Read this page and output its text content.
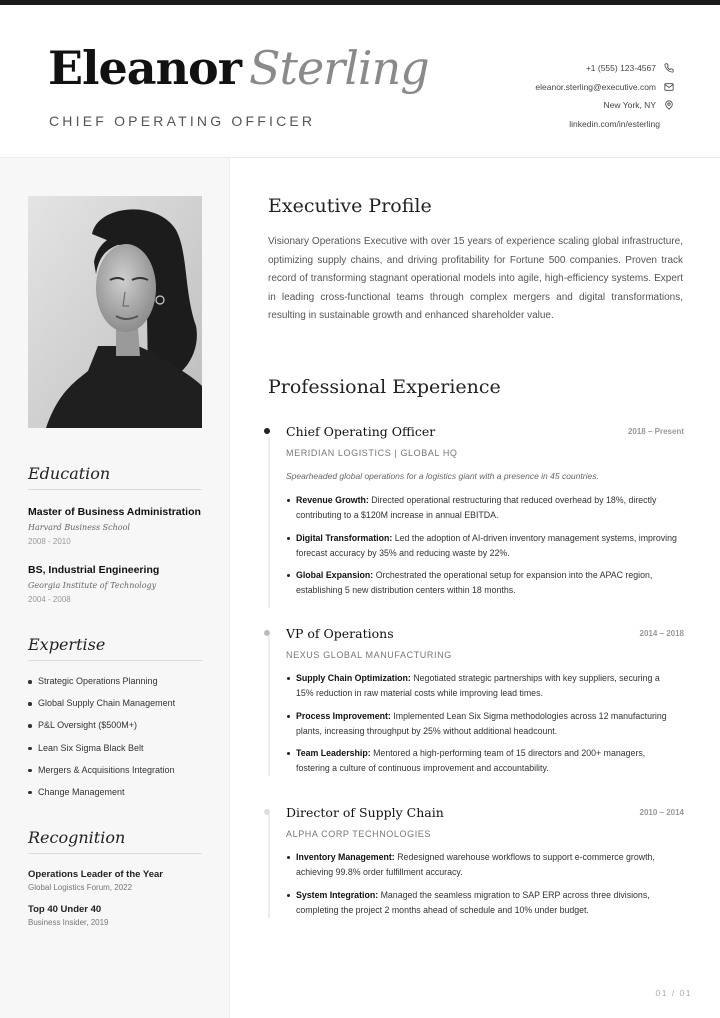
Eleanor Sterling
CHIEF OPERATING OFFICER
+1 (555) 123-4567
eleanor.sterling@executive.com
New York, NY
linkedin.com/in/esterling
Education
Master of Business Administration
Harvard Business School
2008 - 2010
BS, Industrial Engineering
Georgia Institute of Technology
2004 - 2008
Expertise
Strategic Operations Planning
Global Supply Chain Management
P&L Oversight ($500M+)
Lean Six Sigma Black Belt
Mergers & Acquisitions Integration
Change Management
Recognition
Operations Leader of the Year
Global Logistics Forum, 2022
Top 40 Under 40
Business Insider, 2019
Executive Profile

Visionary Operations Executive with over 15 years of experience scaling global infrastructure, optimizing supply chains, and driving profitability for Fortune 500 companies. Proven track record of transforming stagnant operational models into agile, high-efficiency systems. Expert in leading cross-functional teams through complex mergers and digital transformations, resulting in sustainable growth and enhanced shareholder value.

Professional Experience
Chief Operating Officer	2018 – Present
MERIDIAN LOGISTICS | GLOBAL HQ
Spearheaded global operations for a logistics giant with a presence in 45 countries.
Revenue Growth: Directed operational restructuring that reduced overhead by 18%, directly contributing to a $120M increase in annual EBITDA.
Digital Transformation: Led the adoption of AI-driven inventory management systems, improving forecast accuracy by 35% and reducing waste by 22%.
Global Expansion: Orchestrated the operational setup for expansion into the APAC region, establishing 5 new distribution centers within 18 months.
VP of Operations	2014 – 2018
NEXUS GLOBAL MANUFACTURING
Supply Chain Optimization: Negotiated strategic partnerships with key suppliers, securing a 15% reduction in raw material costs while improving lead times.
Process Improvement: Implemented Lean Six Sigma methodologies across 12 manufacturing plants, increasing throughput by 25% without additional headcount.
Team Leadership: Mentored a high-performing team of 15 directors and 200+ managers, fostering a culture of continuous improvement and accountability.
Director of Supply Chain	2010 – 2014
ALPHA CORP TECHNOLOGIES
Inventory Management: Redesigned warehouse workflows to support e-commerce growth, achieving 99.8% order fulfillment accuracy.
System Integration: Managed the seamless migration to SAP ERP across three divisions, completing the project 2 months ahead of schedule and 10% under budget.
01 / 01
